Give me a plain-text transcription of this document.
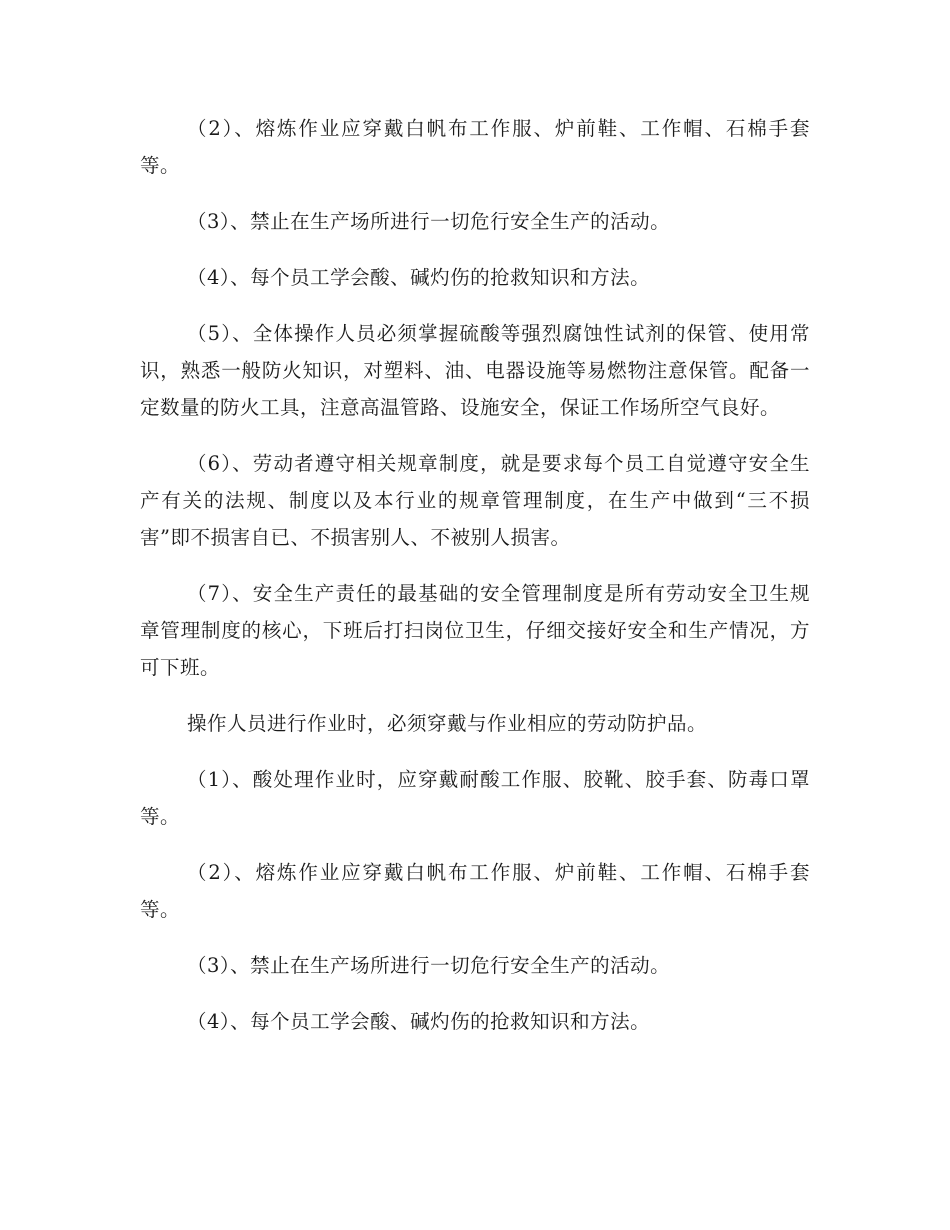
（2）、熔炼作业应穿戴白帆布工作服、炉前鞋、工作帽、石棉手套等。

（3）、禁止在生产场所进行一切危行安全生产的活动。

（4）、每个员工学会酸、碱灼伤的抢救知识和方法。

（5）、全体操作人员必须掌握硫酸等强烈腐蚀性试剂的保管、使用常识，熟悉一般防火知识，对塑料、油、电器设施等易燃物注意保管。配备一定数量的防火工具，注意高温管路、设施安全，保证工作场所空气良好。

（6）、劳动者遵守相关规章制度，就是要求每个员工自觉遵守安全生产有关的法规、制度以及本行业的规章管理制度，在生产中做到“三不损害”即不损害自已、不损害别人、不被别人损害。

（7）、安全生产责任的最基础的安全管理制度是所有劳动安全卫生规章管理制度的核心，下班后打扫岗位卫生，仔细交接好安全和生产情况，方可下班。

操作人员进行作业时，必须穿戴与作业相应的劳动防护品。

（1）、酸处理作业时，应穿戴耐酸工作服、胶靴、胶手套、防毒口罩等。

（2）、熔炼作业应穿戴白帆布工作服、炉前鞋、工作帽、石棉手套等。

（3）、禁止在生产场所进行一切危行安全生产的活动。

（4）、每个员工学会酸、碱灼伤的抢救知识和方法。
